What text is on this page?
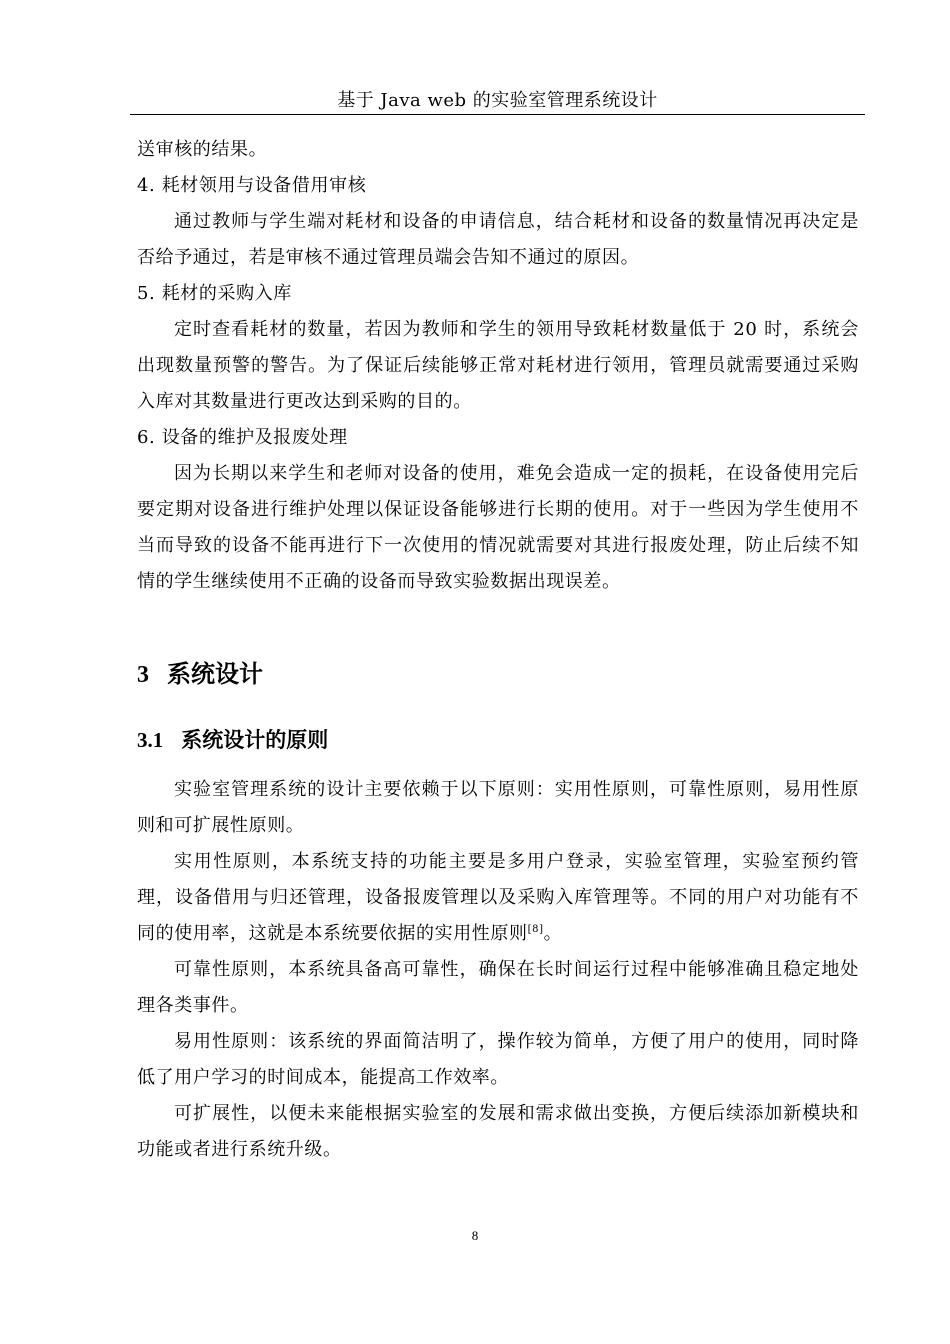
基于 Java web 的实验室管理系统设计

送审核的结果。

4. 耗材领用与设备借用审核

通过教师与学生端对耗材和设备的申请信息，结合耗材和设备的数量情况再决定是否给予通过，若是审核不通过管理员端会告知不通过的原因。

5. 耗材的采购入库

定时查看耗材的数量，若因为教师和学生的领用导致耗材数量低于 20 时，系统会出现数量预警的警告。为了保证后续能够正常对耗材进行领用，管理员就需要通过采购入库对其数量进行更改达到采购的目的。

6. 设备的维护及报废处理

因为长期以来学生和老师对设备的使用，难免会造成一定的损耗，在设备使用完后要定期对设备进行维护处理以保证设备能够进行长期的使用。对于一些因为学生使用不当而导致的设备不能再进行下一次使用的情况就需要对其进行报废处理，防止后续不知情的学生继续使用不正确的设备而导致实验数据出现误差。

3 系统设计
3.1 系统设计的原则

实验室管理系统的设计主要依赖于以下原则：实用性原则，可靠性原则，易用性原则和可扩展性原则。

实用性原则，本系统支持的功能主要是多用户登录，实验室管理，实验室预约管理，设备借用与归还管理，设备报废管理以及采购入库管理等。不同的用户对功能有不同的使用率，这就是本系统要依据的实用性原则[8]。

可靠性原则，本系统具备高可靠性，确保在长时间运行过程中能够准确且稳定地处理各类事件。

易用性原则：该系统的界面简洁明了，操作较为简单，方便了用户的使用，同时降低了用户学习的时间成本，能提高工作效率。

可扩展性，以便未来能根据实验室的发展和需求做出变换，方便后续添加新模块和功能或者进行系统升级。

8
